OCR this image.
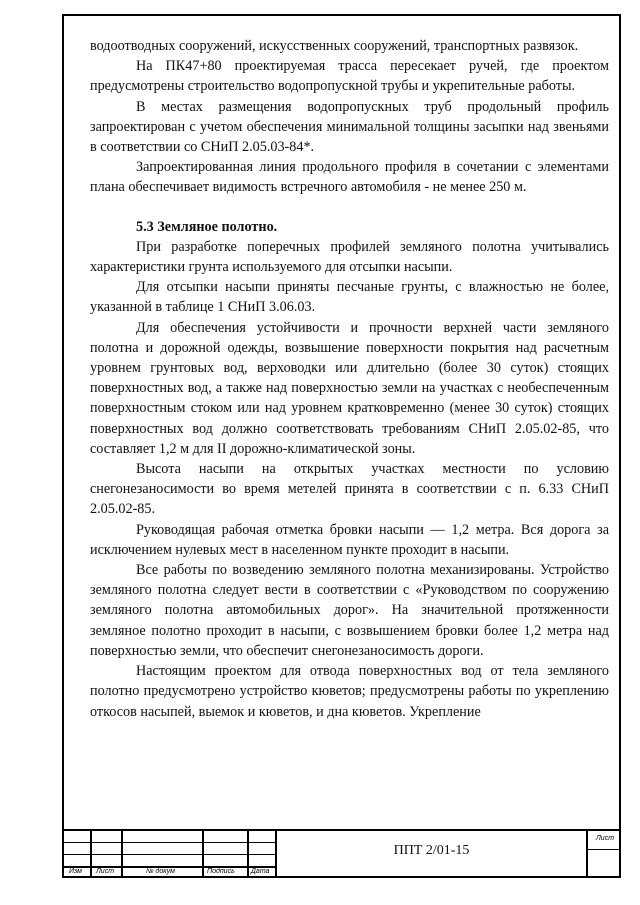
водоотводных сооружений, искусственных сооружений, транспортных развязок.

На ПК47+80 проектируемая трасса пересекает ручей, где проектом предусмотрены строительство водопропускной трубы и укрепительные работы.

В местах размещения водопропускных труб продольный профиль запроектирован с учетом обеспечения минимальной толщины засыпки над звеньями в соответствии со СНиП 2.05.03-84*.

Запроектированная линия продольного профиля в сочетании с элементами плана обеспечивает видимость встречного автомобиля - не менее 250 м.

5.3 Земляное полотно.

При разработке поперечных профилей земляного полотна учитывались характеристики грунта используемого для отсыпки насыпи.

Для отсыпки насыпи приняты песчаные грунты, с влажностью не более, указанной в таблице 1 СНиП 3.06.03.

Для обеспечения устойчивости и прочности верхней части земляного полотна и дорожной одежды, возвышение поверхности покрытия над расчетным уровнем грунтовых вод, верховодки или длительно (более 30 суток) стоящих поверхностных вод, а также над поверхностью земли на участках с необеспеченным поверхностным стоком или над уровнем кратковременно (менее 30 суток) стоящих поверхностных вод должно соответствовать требованиям СНиП 2.05.02-85, что составляет 1,2 м для II дорожно-климатической зоны.

Высота насыпи на открытых участках местности по условию снегонезаносимости во время метелей принята в соответствии с п. 6.33 СНиП 2.05.02-85.

Руководящая рабочая отметка бровки насыпи — 1,2 метра. Вся дорога за исключением нулевых мест в населенном пункте проходит в насыпи.

Все работы по возведению земляного полотна механизированы. Устройство земляного полотна следует вести в соответствии с «Руководством по сооружению земляного полотна автомобильных дорог». На значительной протяженности земляное полотно проходит в насыпи, с возвышением бровки более 1,2 метра над поверхностью земли, что обеспечит снегонезаносимость дороги.

Настоящим проектом для отвода поверхностных вод от тела земляного полотно предусмотрено устройство кюветов; предусмотрены работы по укреплению откосов насыпей, выемок и кюветов, и дна кюветов. Укрепление

Изм Лист	№ докум	Подпись Дата
Лист
ППТ 2/01-15
